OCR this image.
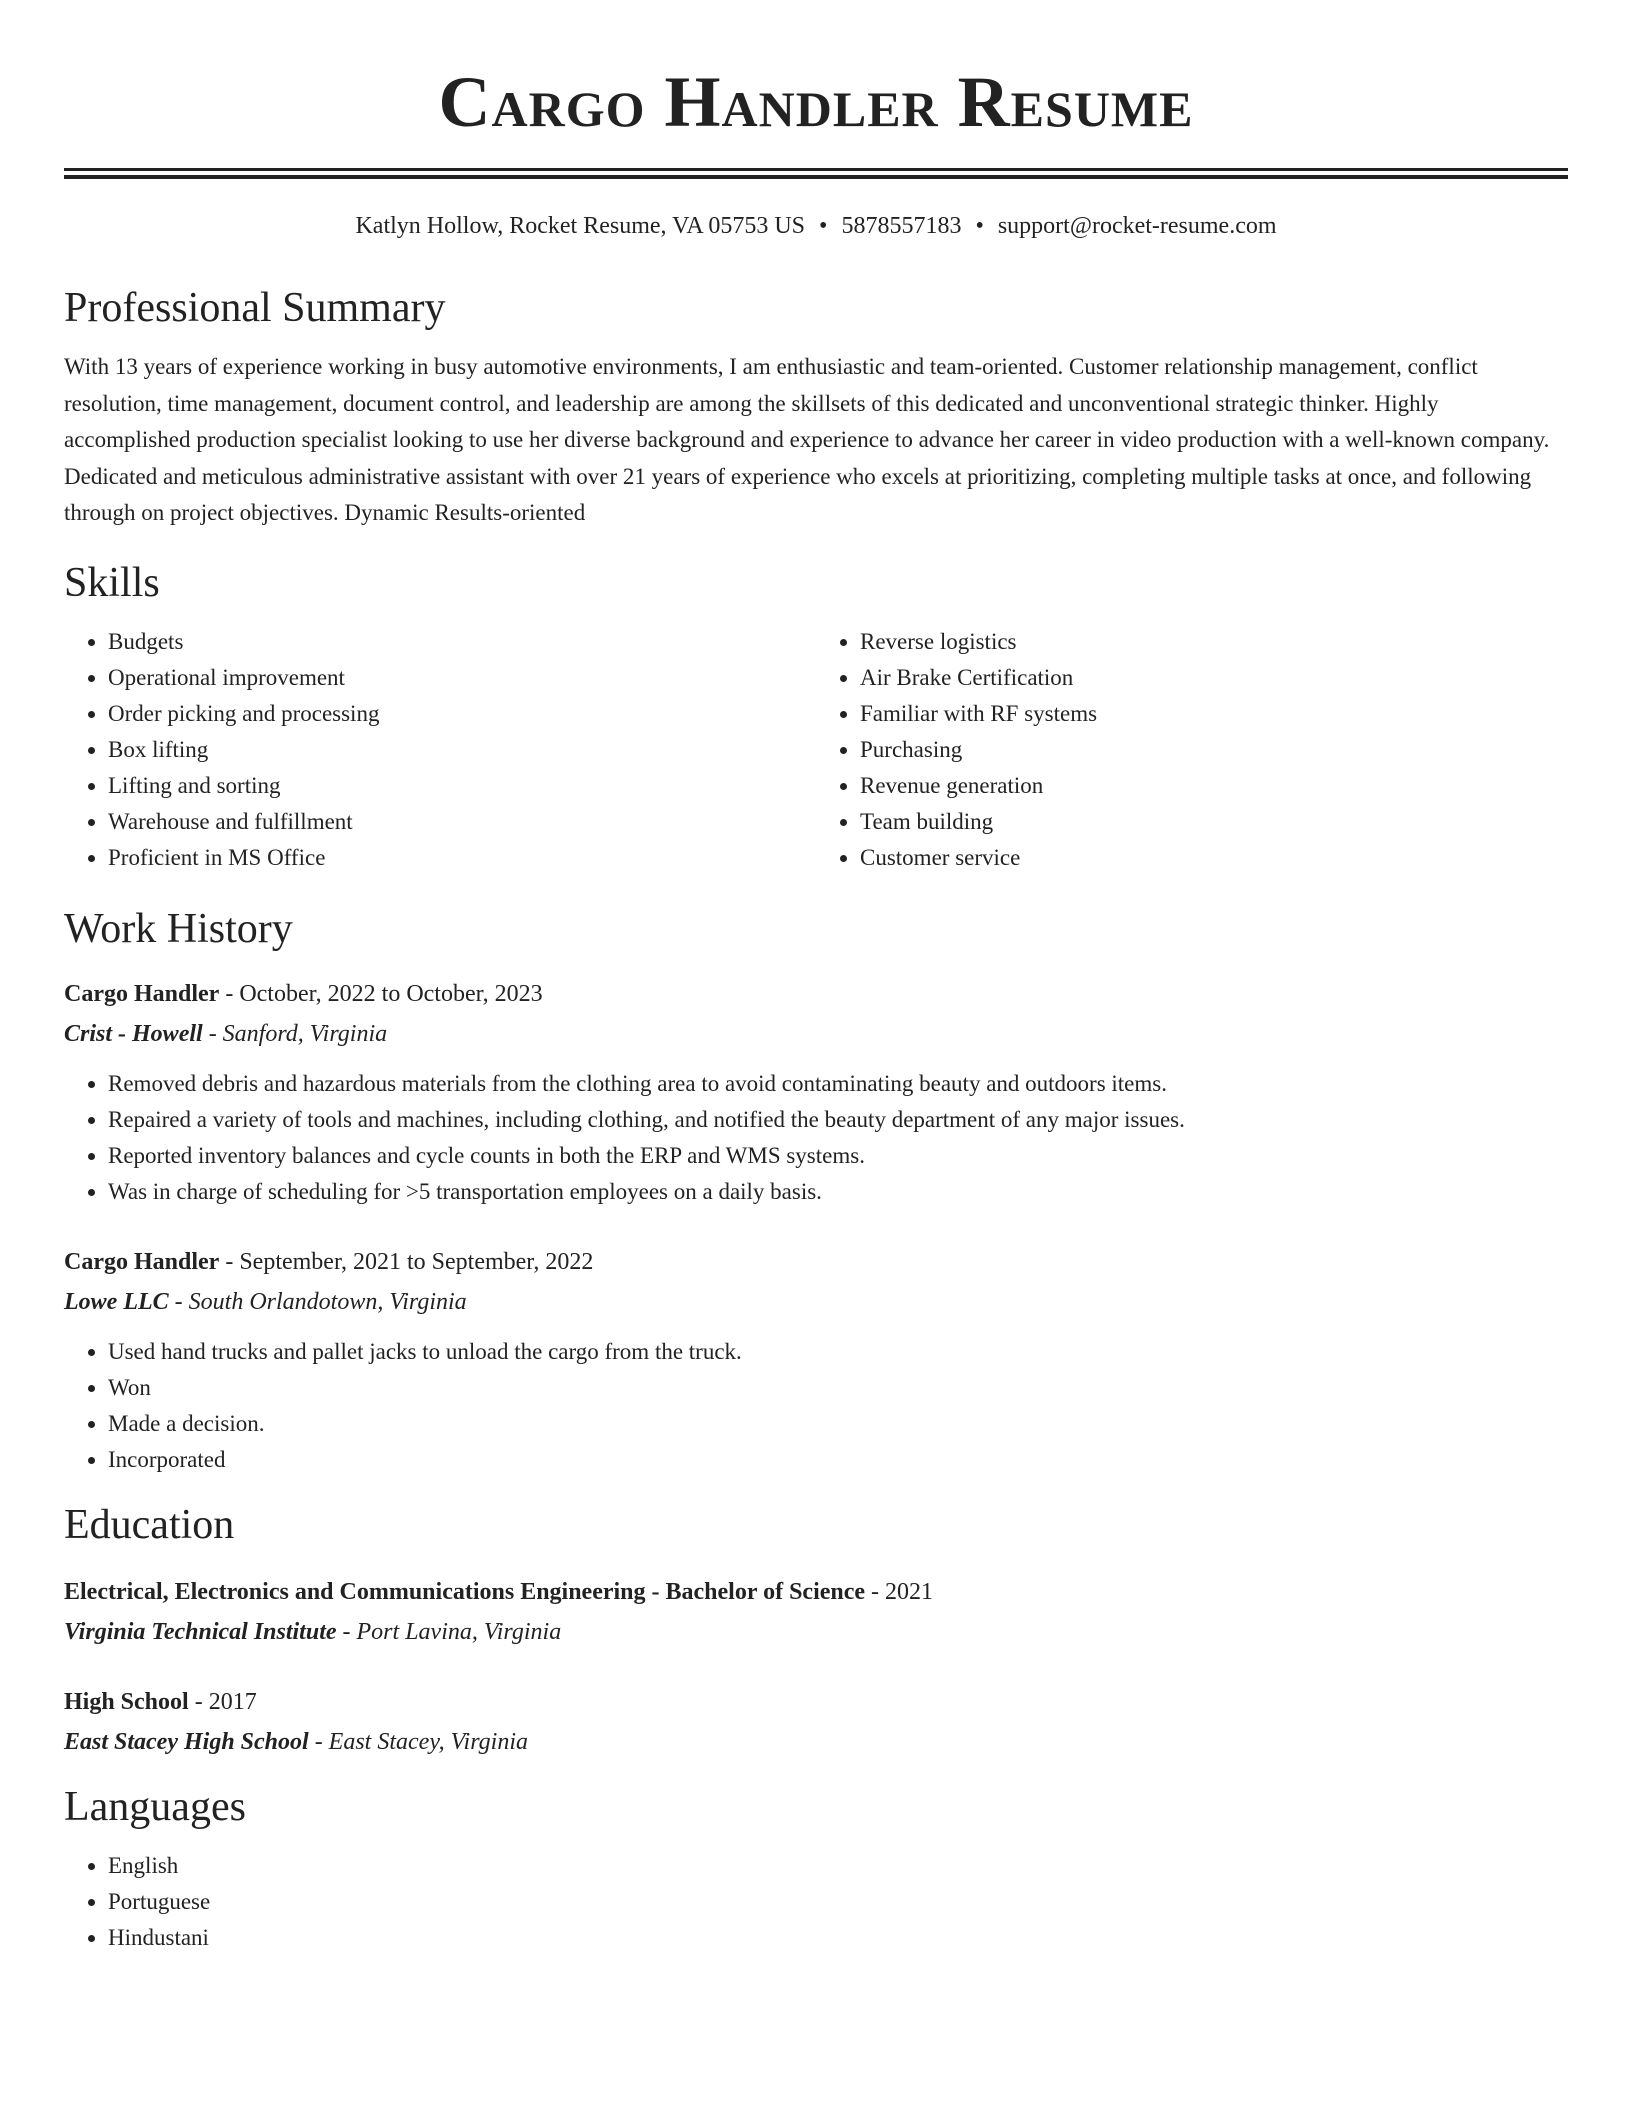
Cargo Handler Resume
Katlyn Hollow, Rocket Resume, VA 05753 US • 5878557183 • support@rocket-resume.com
Professional Summary
With 13 years of experience working in busy automotive environments, I am enthusiastic and team-oriented. Customer relationship management, conflict resolution, time management, document control, and leadership are among the skillsets of this dedicated and unconventional strategic thinker. Highly accomplished production specialist looking to use her diverse background and experience to advance her career in video production with a well-known company. Dedicated and meticulous administrative assistant with over 21 years of experience who excels at prioritizing, completing multiple tasks at once, and following through on project objectives. Dynamic Results-oriented
Skills
• Budgets
• Operational improvement
• Order picking and processing
• Box lifting
• Lifting and sorting
• Warehouse and fulfillment
• Proficient in MS Office
• Reverse logistics
• Air Brake Certification
• Familiar with RF systems
• Purchasing
• Revenue generation
• Team building
• Customer service
Work History
Cargo Handler - October, 2022 to October, 2023
Crist - Howell - Sanford, Virginia
• Removed debris and hazardous materials from the clothing area to avoid contaminating beauty and outdoors items.
• Repaired a variety of tools and machines, including clothing, and notified the beauty department of any major issues.
• Reported inventory balances and cycle counts in both the ERP and WMS systems.
• Was in charge of scheduling for >5 transportation employees on a daily basis.
Cargo Handler - September, 2021 to September, 2022
Lowe LLC - South Orlandotown, Virginia
• Used hand trucks and pallet jacks to unload the cargo from the truck.
• Won
• Made a decision.
• Incorporated
Education
Electrical, Electronics and Communications Engineering - Bachelor of Science - 2021
Virginia Technical Institute - Port Lavina, Virginia
High School - 2017
East Stacey High School - East Stacey, Virginia
Languages
• English
• Portuguese
• Hindustani
